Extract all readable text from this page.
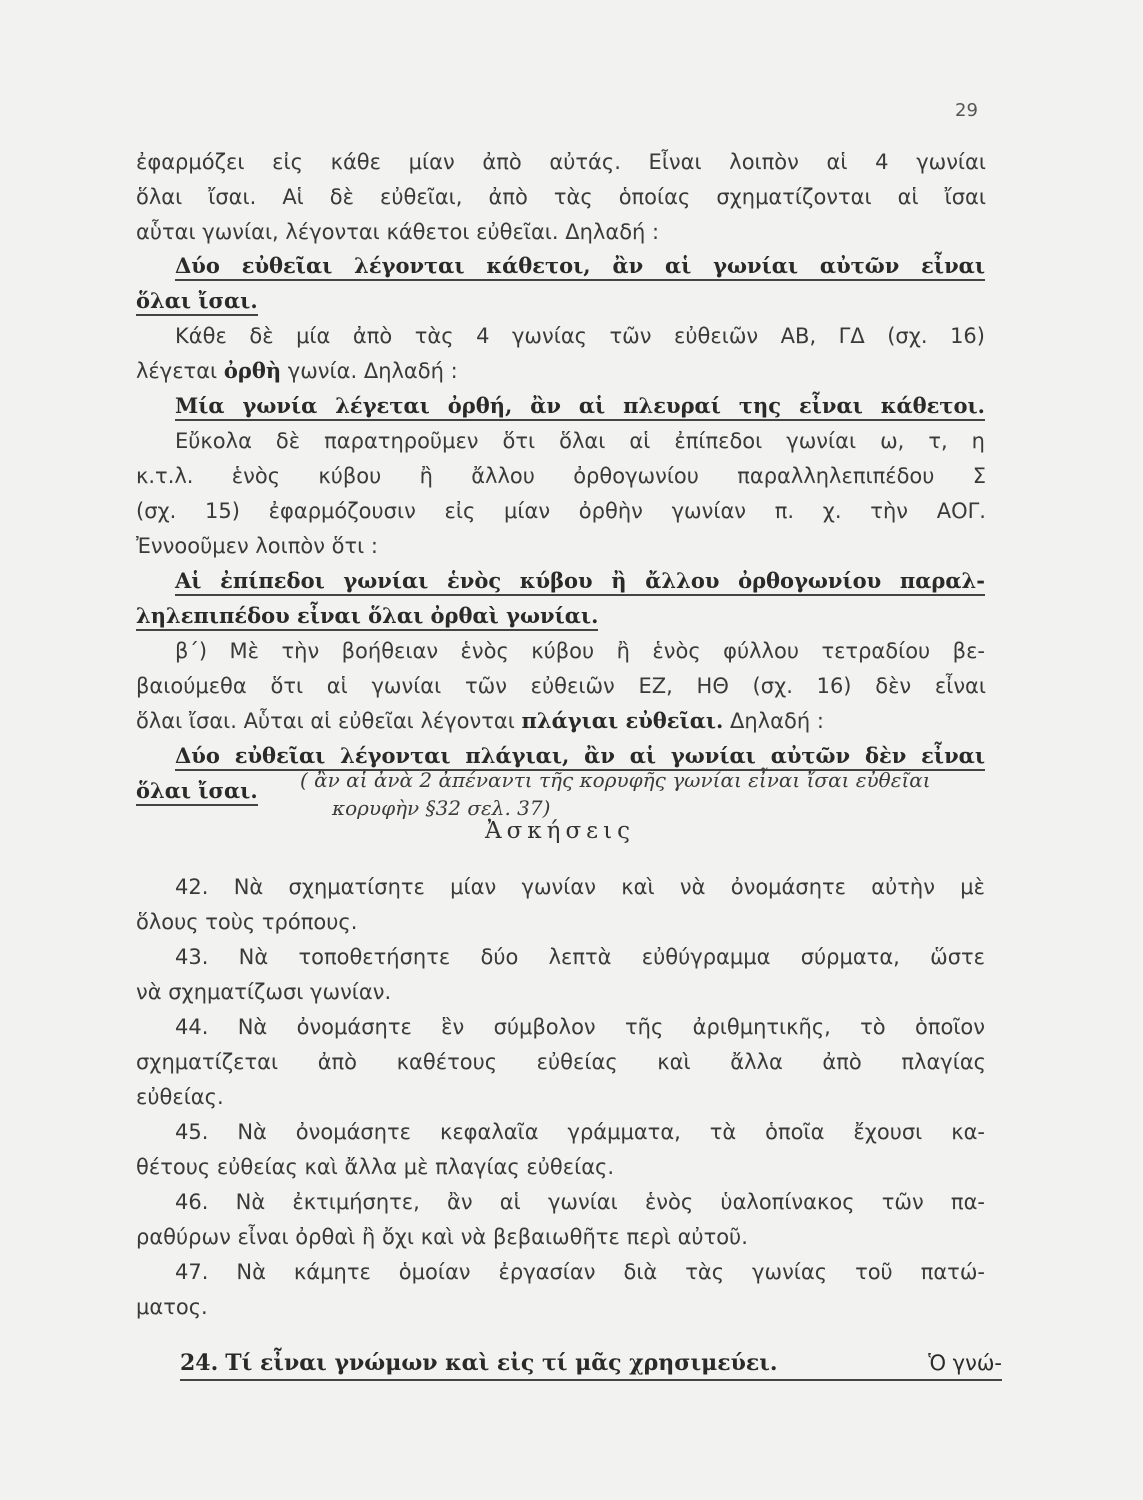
29
ἐφαρμόζει εἰς κάθε μίαν ἀπὸ αὐτάς. Εἶναι λοιπὸν αἱ 4 γωνίαι
ὅλαι ἴσαι. Αἱ δὲ εὐθεῖαι, ἀπὸ τὰς ὁποίας σχηματίζονται αἱ ἴσαι
αὗται γωνίαι, λέγονται κάθετοι εὐθεῖαι. Δηλαδή :
Δύο εὐθεῖαι λέγονται κάθετοι, ἂν αἱ γωνίαι αὐτῶν εἶναι
ὅλαι ἴσαι.
Κάθε δὲ μία ἀπὸ τὰς 4 γωνίας τῶν εὐθειῶν ΑΒ, ΓΔ (σχ. 16)
λέγεται ὀρθὴ γωνία. Δηλαδή :
Μία γωνία λέγεται ὀρθή, ἂν αἱ πλευραί της εἶναι κάθετοι.
Εὔκολα δὲ παρατηροῦμεν ὅτι ὅλαι αἱ ἐπίπεδοι γωνίαι ω, τ, η
κ.τ.λ. ἑνὸς κύβου ἢ ἄλλου ὀρθογωνίου παραλληλεπιπέδου Σ
(σχ. 15) ἐφαρμόζουσιν εἰς μίαν ὀρθὴν γωνίαν π. χ. τὴν ΑΟΓ.
Ἐννοοῦμεν λοιπὸν ὅτι :
Αἱ ἐπίπεδοι γωνίαι ἑνὸς κύβου ἢ ἄλλου ὀρθογωνίου παραλ-
ληλεπιπέδου εἶναι ὅλαι ὀρθαὶ γωνίαι.
β΄) Μὲ τὴν βοήθειαν ἑνὸς κύβου ἢ ἑνὸς φύλλου τετραδίου βε-
βαιούμεθα ὅτι αἱ γωνίαι τῶν εὐθειῶν ΕΖ, ΗΘ (σχ. 16) δὲν εἶναι
ὅλαι ἴσαι. Αὗται αἱ εὐθεῖαι λέγονται πλάγιαι εὐθεῖαι. Δηλαδή :
Δύο εὐθεῖαι λέγονται πλάγιαι, ἂν αἱ γωνίαι αὐτῶν δὲν εἶναι
ὅλαι ἴσαι. ( ἂν αἱ ἀνὰ 2 ἀπέναντι τῆς κορυφῆς γωνίαι εἶναι ἴσαι εὐθεῖαι
κορυφὴν §32 σελ. 37)
Ἀσκήσεις
42. Νὰ σχηματίσητε μίαν γωνίαν καὶ νὰ ὀνομάσητε αὐτὴν μὲ
ὅλους τοὺς τρόπους.
43. Νὰ τοποθετήσητε δύο λεπτὰ εὐθύγραμμα σύρματα, ὥστε
νὰ σχηματίζωσι γωνίαν.
44. Νὰ ὀνομάσητε ἓν σύμβολον τῆς ἀριθμητικῆς, τὸ ὁποῖον
σχηματίζεται ἀπὸ καθέτους εὐθείας καὶ ἄλλα ἀπὸ πλαγίας
εὐθείας.
45. Νὰ ὀνομάσητε κεφαλαῖα γράμματα, τὰ ὁποῖα ἔχουσι κα-
θέτους εὐθείας καὶ ἄλλα μὲ πλαγίας εὐθείας.
46. Νὰ ἐκτιμήσητε, ἂν αἱ γωνίαι ἑνὸς ὑαλοπίνακος τῶν πα-
ραθύρων εἶναι ὀρθαὶ ἢ ὄχι καὶ νὰ βεβαιωθῆτε περὶ αὐτοῦ.
47. Νὰ κάμητε ὁμοίαν ἐργασίαν διὰ τὰς γωνίας τοῦ πατώ-
ματος.
24. Τί εἶναι γνώμων καὶ εἰς τί μᾶς χρησιμεύει.	Ὁ γνώ-
